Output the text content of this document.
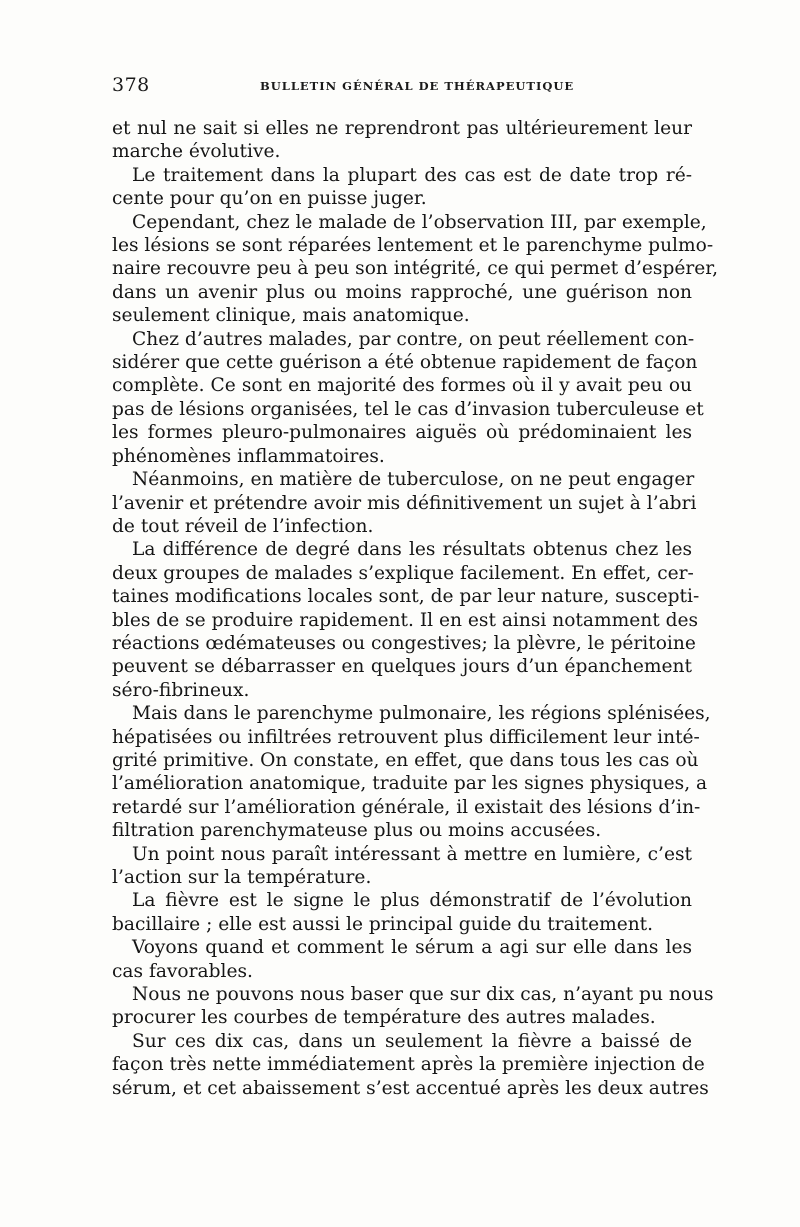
378	BULLETIN GÉNÉRAL DE THÉRAPEUTIQUE

et nul ne sait si elles ne reprendront pas ultérieurement leur
marche évolutive.

Le traitement dans la plupart des cas est de date trop ré-
cente pour qu’on en puisse juger.

Cependant, chez le malade de l’observation III, par exemple,
les lésions se sont réparées lentement et le parenchyme pulmo-
naire recouvre peu à peu son intégrité, ce qui permet d’espérer,
dans un avenir plus ou moins rapproché, une guérison non
seulement clinique, mais anatomique.

Chez d’autres malades, par contre, on peut réellement con-
sidérer que cette guérison a été obtenue rapidement de façon
complète. Ce sont en majorité des formes où il y avait peu ou
pas de lésions organisées, tel le cas d’invasion tuberculeuse et
les formes pleuro-pulmonaires aiguës où prédominaient les
phénomènes inflammatoires.

Néanmoins, en matière de tuberculose, on ne peut engager
l’avenir et prétendre avoir mis définitivement un sujet à l’abri
de tout réveil de l’infection.

La différence de degré dans les résultats obtenus chez les
deux groupes de malades s’explique facilement. En effet, cer-
taines modifications locales sont, de par leur nature, suscepti-
bles de se produire rapidement. Il en est ainsi notamment des
réactions œdémateuses ou congestives; la plèvre, le péritoine
peuvent se débarrasser en quelques jours d’un épanchement
séro-fibrineux.

Mais dans le parenchyme pulmonaire, les régions splénisées,
hépatisées ou infiltrées retrouvent plus difficilement leur inté-
grité primitive. On constate, en effet, que dans tous les cas où
l’amélioration anatomique, traduite par les signes physiques, a
retardé sur l’amélioration générale, il existait des lésions d’in-
filtration parenchymateuse plus ou moins accusées.

Un point nous paraît intéressant à mettre en lumière, c’est
l’action sur la température.

La fièvre est le signe le plus démonstratif de l’évolution
bacillaire ; elle est aussi le principal guide du traitement.

Voyons quand et comment le sérum a agi sur elle dans les
cas favorables.

Nous ne pouvons nous baser que sur dix cas, n’ayant pu nous
procurer les courbes de température des autres malades.

Sur ces dix cas, dans un seulement la fièvre a baissé de
façon très nette immédiatement après la première injection de
sérum, et cet abaissement s’est accentué après les deux autres
